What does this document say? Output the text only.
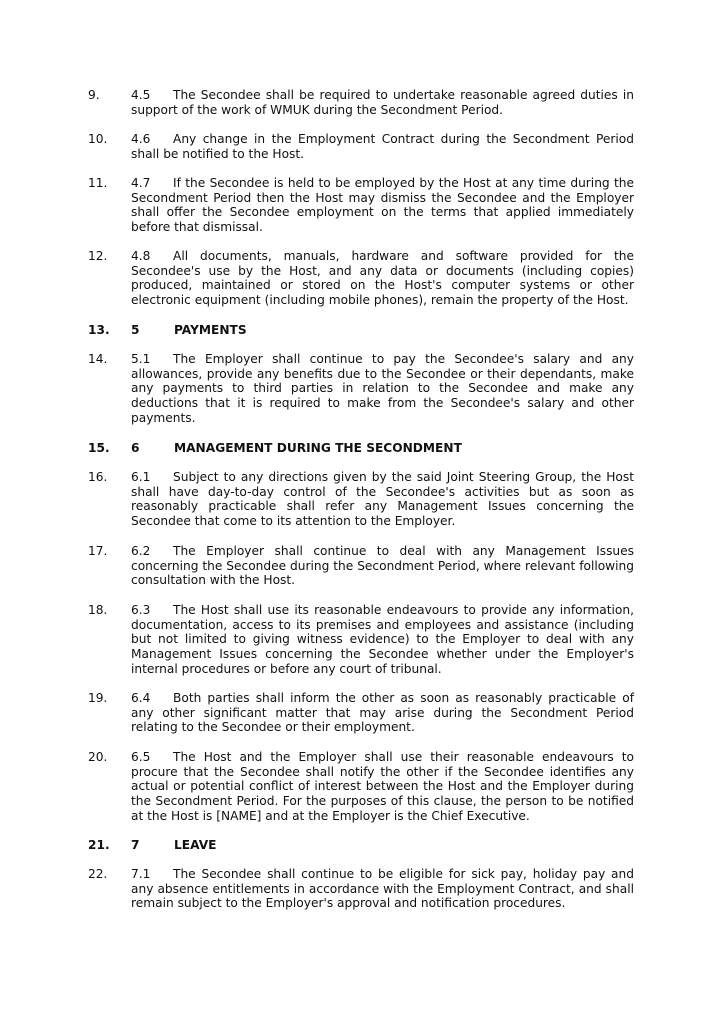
9.	4.5 The Secondee shall be required to undertake reasonable agreed duties in support of the work of WMUK during the Secondment Period.
10. 4.6 Any change in the Employment Contract during the Secondment Period shall be notified to the Host.
11. 4.7 If the Secondee is held to be employed by the Host at any time during the Secondment Period then the Host may dismiss the Secondee and the Employer shall offer the Secondee employment on the terms that applied immediately before that dismissal.
12. 4.8 All documents, manuals, hardware and software provided for the Secondee's use by the Host, and any data or documents (including copies) produced, maintained or stored on the Host's computer systems or other electronic equipment (including mobile phones), remain the property of the Host.
13. 5	PAYMENTS
14. 5.1 The Employer shall continue to pay the Secondee's salary and any allowances, provide any benefits due to the Secondee or their dependants, make any payments to third parties in relation to the Secondee and make any deductions that it is required to make from the Secondee's salary and other payments.
15. 6	MANAGEMENT DURING THE SECONDMENT
16. 6.1 Subject to any directions given by the said Joint Steering Group, the Host shall have day-to-day control of the Secondee's activities but as soon as reasonably practicable shall refer any Management Issues concerning the Secondee that come to its attention to the Employer.
17. 6.2 The Employer shall continue to deal with any Management Issues concerning the Secondee during the Secondment Period, where relevant following consultation with the Host.
18. 6.3 The Host shall use its reasonable endeavours to provide any information, documentation, access to its premises and employees and assistance (including but not limited to giving witness evidence) to the Employer to deal with any Management Issues concerning the Secondee whether under the Employer's internal procedures or before any court of tribunal.
19. 6.4 Both parties shall inform the other as soon as reasonably practicable of any other significant matter that may arise during the Secondment Period relating to the Secondee or their employment.
20. 6.5 The Host and the Employer shall use their reasonable endeavours to procure that the Secondee shall notify the other if the Secondee identifies any actual or potential conflict of interest between the Host and the Employer during the Secondment Period. For the purposes of this clause, the person to be notified at the Host is [NAME] and at the Employer is the Chief Executive.
21. 7	LEAVE
22. 7.1 The Secondee shall continue to be eligible for sick pay, holiday pay and any absence entitlements in accordance with the Employment Contract, and shall remain subject to the Employer's approval and notification procedures.
